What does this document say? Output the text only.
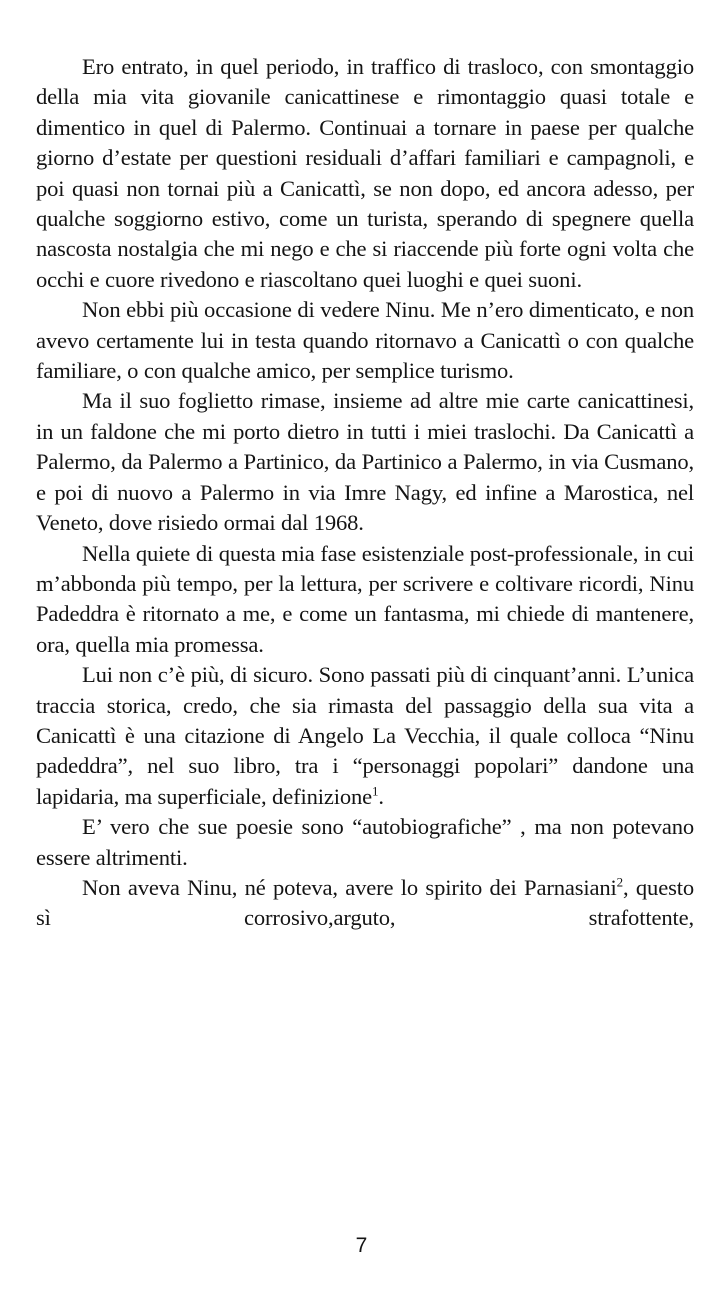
Ero entrato, in quel periodo, in traffico di trasloco, con smontaggio della mia vita giovanile canicattinese e rimontaggio quasi totale e dimentico in quel di Palermo. Continuai a tornare in paese per qualche giorno d’estate per questioni residuali d’affari familiari e campagnoli, e poi quasi non tornai più a Canicattì, se non dopo, ed ancora adesso, per qualche soggiorno estivo, come un turista, sperando di spegnere quella nascosta nostalgia che mi nego e che si riaccende più forte ogni volta che occhi e cuore rivedono e riascoltano quei luoghi e quei suoni.

Non ebbi più occasione di vedere Ninu. Me n’ero dimenticato, e non avevo certamente lui in testa quando ritornavo a Canicattì o con qualche familiare, o con qualche amico, per semplice turismo.

Ma il suo foglietto rimase, insieme ad altre mie carte canicattinesi, in un faldone che mi porto dietro in tutti i miei traslochi. Da Canicattì a Palermo, da Palermo a Partinico, da Partinico a Palermo, in via Cusmano, e poi di nuovo a Palermo in via Imre Nagy, ed infine a Marostica, nel Veneto, dove risiedo ormai dal 1968.

Nella quiete di questa mia fase esistenziale post-professionale, in cui m’abbonda più tempo, per la lettura, per scrivere e coltivare ricordi, Ninu Padeddra è ritornato a me, e come un fantasma, mi chiede di mantenere, ora, quella mia promessa.

Lui non c’è più, di sicuro. Sono passati più di cinquant’anni. L’unica traccia storica, credo, che sia rimasta del passaggio della sua vita a Canicattì è una citazione di Angelo La Vecchia, il quale colloca “Ninu padeddra”, nel suo libro, tra i “personaggi popolari” dandone una lapidaria, ma superficiale, definizione$^1$.

E’ vero che sue poesie sono “autobiografiche” , ma non potevano essere altrimenti.

Non aveva Ninu, né poteva, avere lo spirito dei Parnasiani$^2$, questo sì corrosivo,arguto, strafottente,

7
